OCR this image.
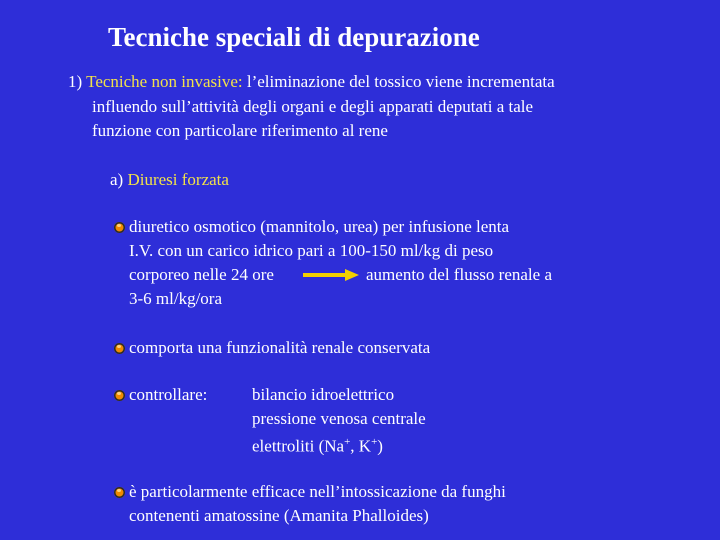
Tecniche speciali di depurazione
1) Tecniche non invasive: l’eliminazione del tossico viene incrementata
influendo sull’attività degli organi e degli apparati deputati a tale
funzione con particolare riferimento al rene
a) Diuresi forzata
diuretico osmotico (mannitolo, urea) per infusione lenta
I.V. con un carico idrico pari a 100-150 ml/kg di peso
corporeo nelle 24 ore	aumento del flusso renale a
3-6 ml/kg/ora
comporta una funzionalità renale conservata
controllare:	bilancio idroelettrico
pressione venosa centrale
elettroliti (Na+, K+)
è particolarmente efficace nell’intossicazione da funghi
contenenti amatossine (Amanita Phalloides)
